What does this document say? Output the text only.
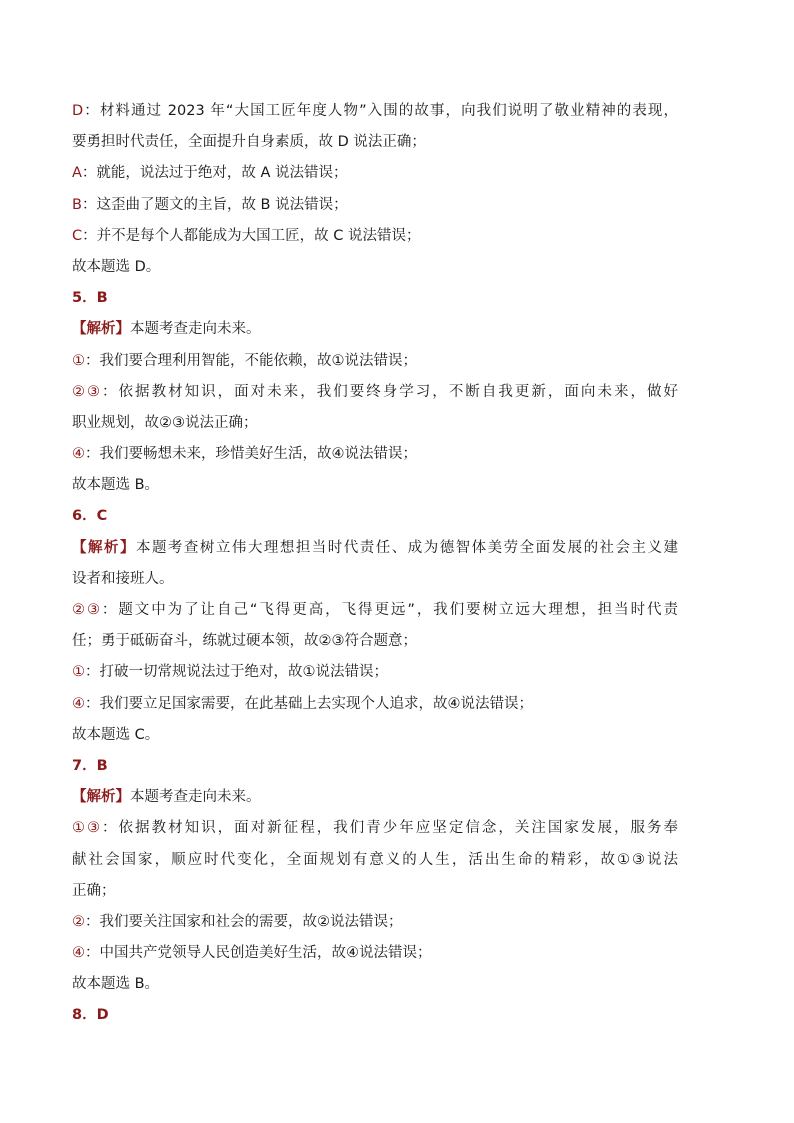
D：材料通过 2023 年“大国工匠年度人物”入围的故事，向我们说明了敬业精神的表现，
要勇担时代责任，全面提升自身素质，故 D 说法正确；
A：就能，说法过于绝对，故 A 说法错误；
B：这歪曲了题文的主旨，故 B 说法错误；
C：并不是每个人都能成为大国工匠，故 C 说法错误；
故本题选 D。
5．B
【解析】本题考查走向未来。
①：我们要合理利用智能，不能依赖，故①说法错误；
②③：依据教材知识，面对未来，我们要终身学习，不断自我更新，面向未来，做好
职业规划，故②③说法正确；
④：我们要畅想未来，珍惜美好生活，故④说法错误；
故本题选 B。
6．C
【解析】本题考查树立伟大理想担当时代责任、成为德智体美劳全面发展的社会主义建
设者和接班人。
②③：题文中为了让自己“飞得更高，飞得更远”，我们要树立远大理想，担当时代责
任；勇于砥砺奋斗，练就过硬本领，故②③符合题意；
①：打破一切常规说法过于绝对，故①说法错误；
④：我们要立足国家需要，在此基础上去实现个人追求，故④说法错误；
故本题选 C。
7．B
【解析】本题考查走向未来。
①③：依据教材知识，面对新征程，我们青少年应坚定信念，关注国家发展，服务奉
献社会国家，顺应时代变化，全面规划有意义的人生，活出生命的精彩，故①③说法
正确；
②：我们要关注国家和社会的需要，故②说法错误；
④：中国共产党领导人民创造美好生活，故④说法错误；
故本题选 B。
8．D
